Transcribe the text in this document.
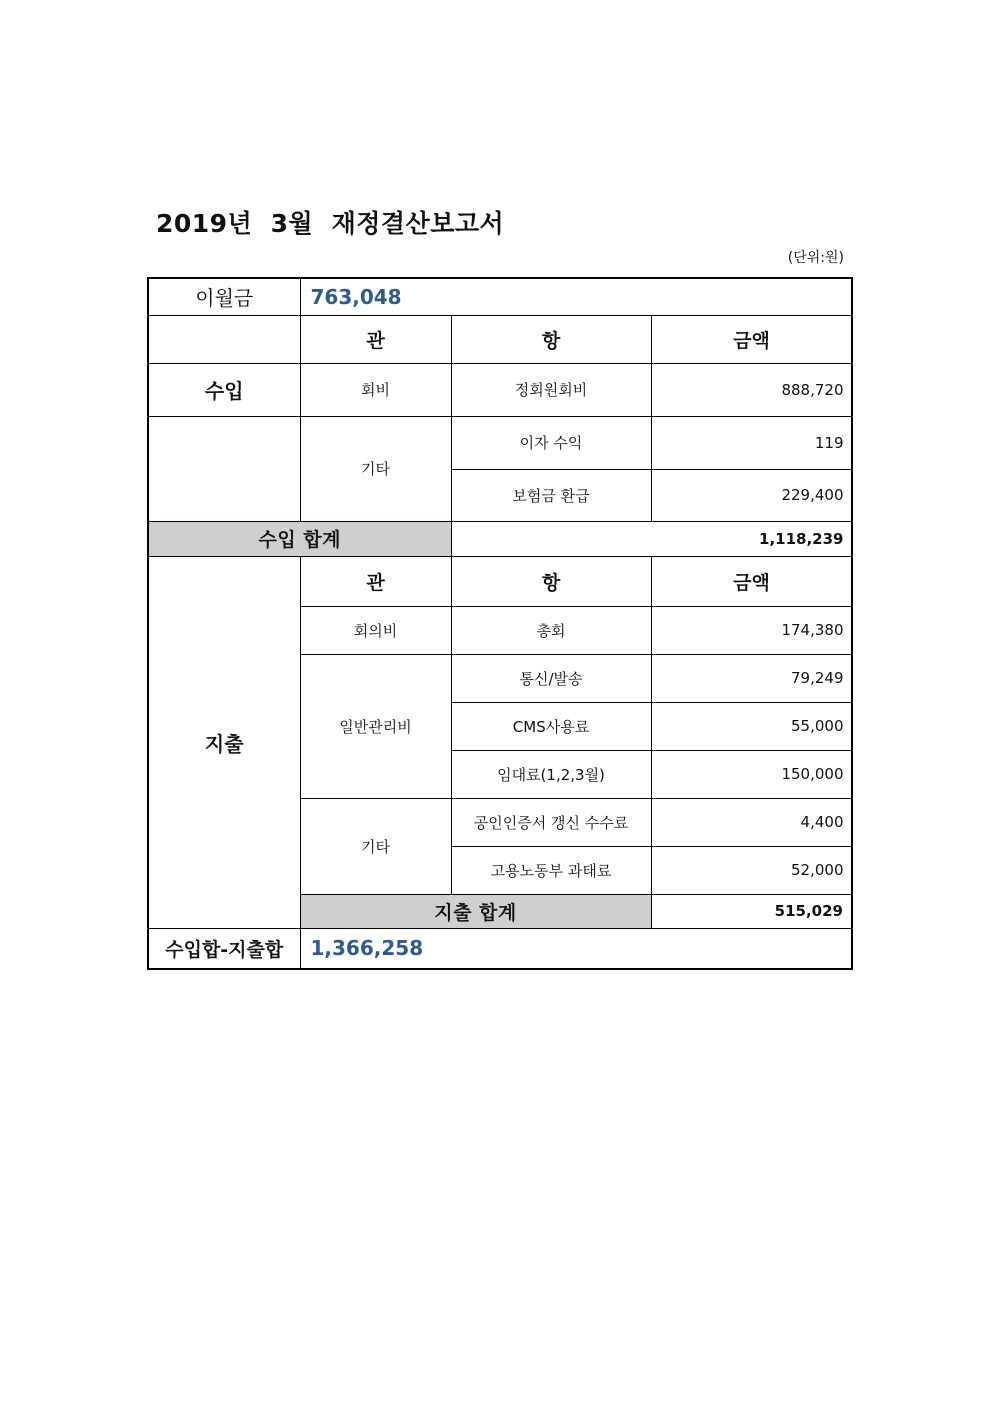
2019년  3월  재정결산보고서
(단위:원)
이월금	763,048		
	관	항	금액
수입	회비	정회원회비	888,720
	기타	이자 수익	119
		보험금 환급	229,400
수입 합계		1,118,239	
지출	관	항	금액
	회의비	총회	174,380
	일반관리비	통신/발송	79,249
		CMS사용료	55,000
		임대료(1,2,3월)	150,000
	기타	공인인증서 갱신 수수료	4,400
		고용노동부 과태료	52,000
	지출 합계		515,029
수입합-지출합	1,366,258		
